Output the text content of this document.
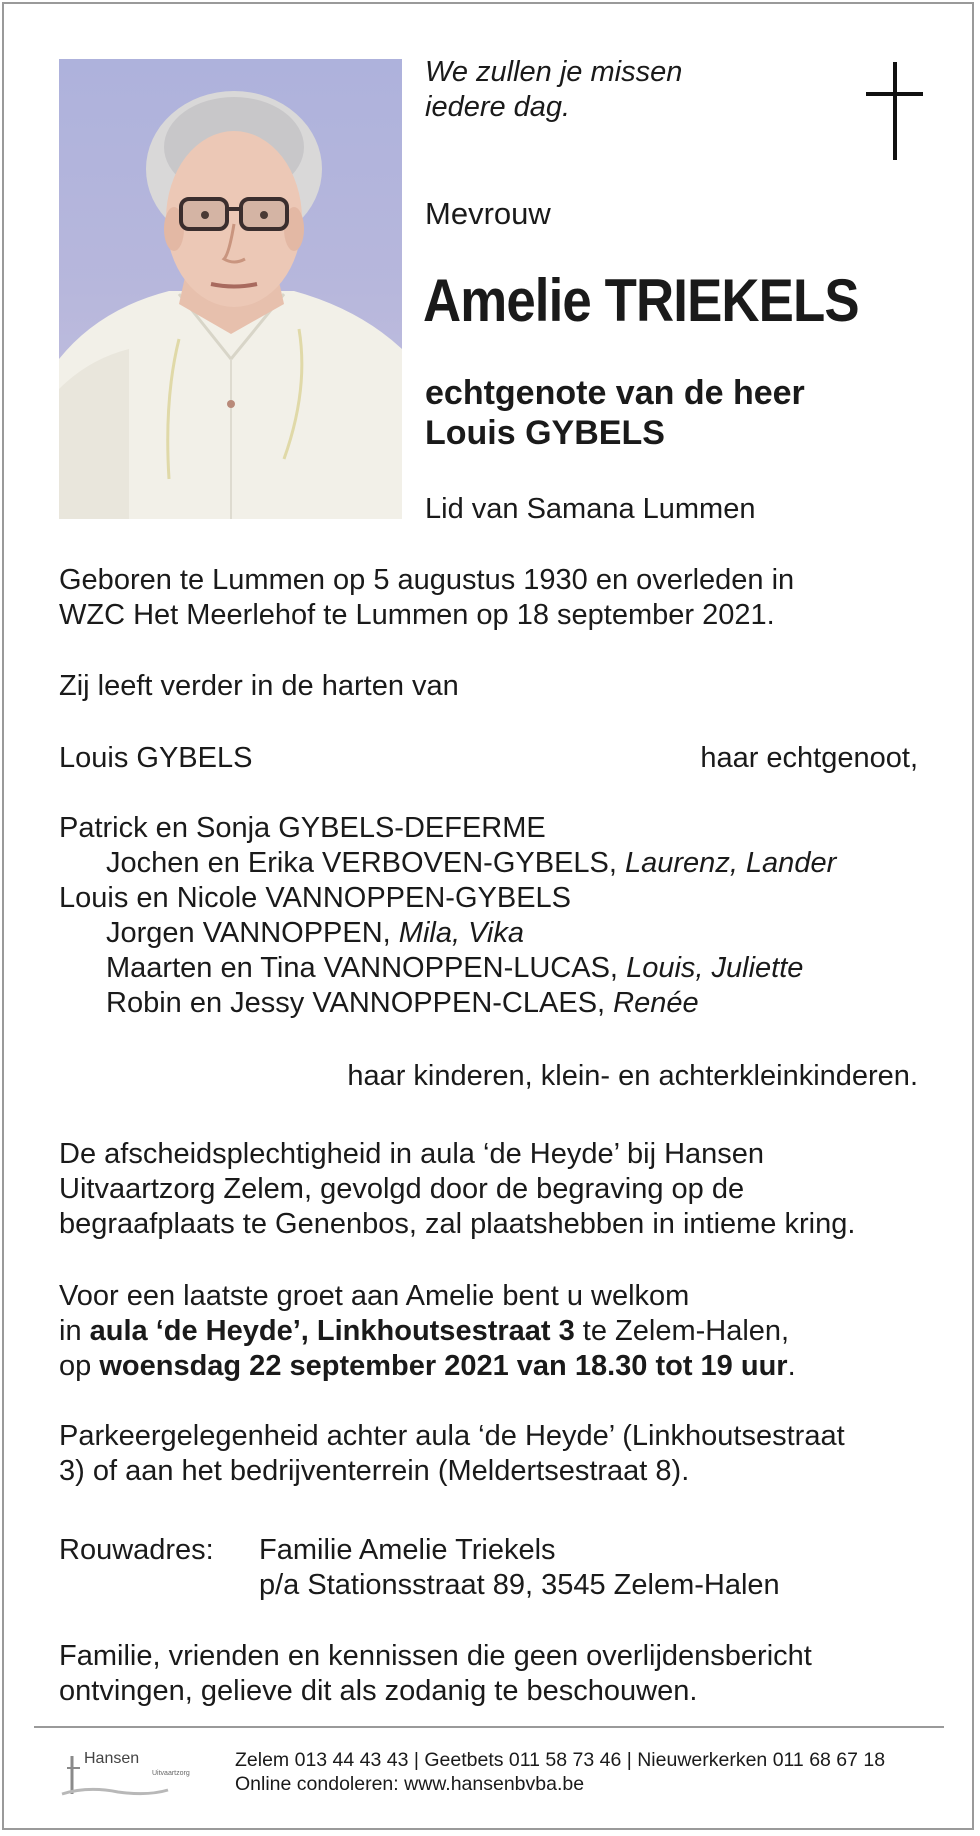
We zullen je missen
iedere dag.
Mevrouw
Amelie TRIEKELS
echtgenote van de heer
Louis GYBELS
Lid van Samana Lummen
Geboren te Lummen op 5 augustus 1930 en overleden in
WZC Het Meerlehof te Lummen op 18 september 2021.
Zij leeft verder in de harten van
Louis GYBELS	haar echtgenoot,
Patrick en Sonja GYBELS-DEFERME
Jochen en Erika VERBOVEN-GYBELS, Laurenz, Lander
Louis en Nicole VANNOPPEN-GYBELS
Jorgen VANNOPPEN, Mila, Vika
Maarten en Tina VANNOPPEN-LUCAS, Louis, Juliette
Robin en Jessy VANNOPPEN-CLAES, Renée
haar kinderen, klein- en achterkleinkinderen.
De afscheidsplechtigheid in aula ‘de Heyde’ bij Hansen
Uitvaartzorg Zelem, gevolgd door de begraving op de
begraafplaats te Genenbos, zal plaatshebben in intieme kring.
Voor een laatste groet aan Amelie bent u welkom
in aula ‘de Heyde’, Linkhoutsestraat 3 te Zelem-Halen,
op woensdag 22 september 2021 van 18.30 tot 19 uur.
Parkeergelegenheid achter aula ‘de Heyde’ (Linkhoutsestraat
3) of aan het bedrijventerrein (Meldertsestraat 8).
Rouwadres: Familie Amelie Triekels
p/a Stationsstraat 89, 3545 Zelem-Halen
Familie, vrienden en kennissen die geen overlijdensbericht
ontvingen, gelieve dit als zodanig te beschouwen.
Hansen
Uitvaartzorg
Zelem 013 44 43 43 | Geetbets 011 58 73 46 | Nieuwerkerken 011 68 67 18
Online condoleren: www.hansenbvba.be
